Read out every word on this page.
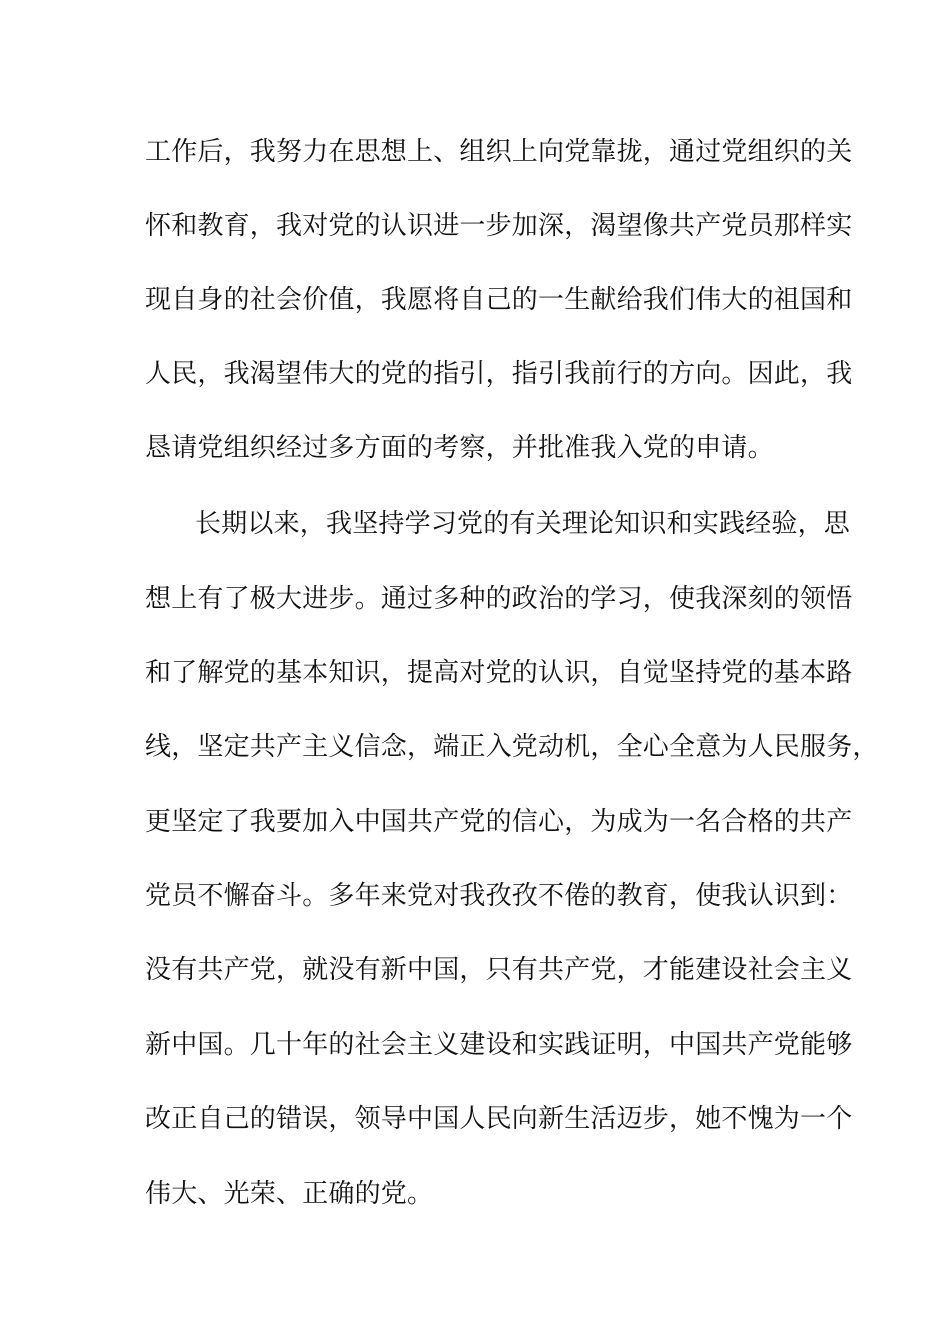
工作后，我努力在思想上、组织上向党靠拢，通过党组织的关
怀和教育，我对党的认识进一步加深，渴望像共产党员那样实
现自身的社会价值，我愿将自己的一生献给我们伟大的祖国和
人民，我渴望伟大的党的指引，指引我前行的方向。因此，我
恳请党组织经过多方面的考察，并批准我入党的申请。
长期以来，我坚持学习党的有关理论知识和实践经验，思
想上有了极大进步。通过多种的政治的学习，使我深刻的领悟
和了解党的基本知识，提高对党的认识，自觉坚持党的基本路
线，坚定共产主义信念，端正入党动机，全心全意为人民服务，
更坚定了我要加入中国共产党的信心，为成为一名合格的共产
党员不懈奋斗。多年来党对我孜孜不倦的教育，使我认识到：
没有共产党，就没有新中国，只有共产党，才能建设社会主义
新中国。几十年的社会主义建设和实践证明，中国共产党能够
改正自己的错误，领导中国人民向新生活迈步，她不愧为一个
伟大、光荣、正确的党。
